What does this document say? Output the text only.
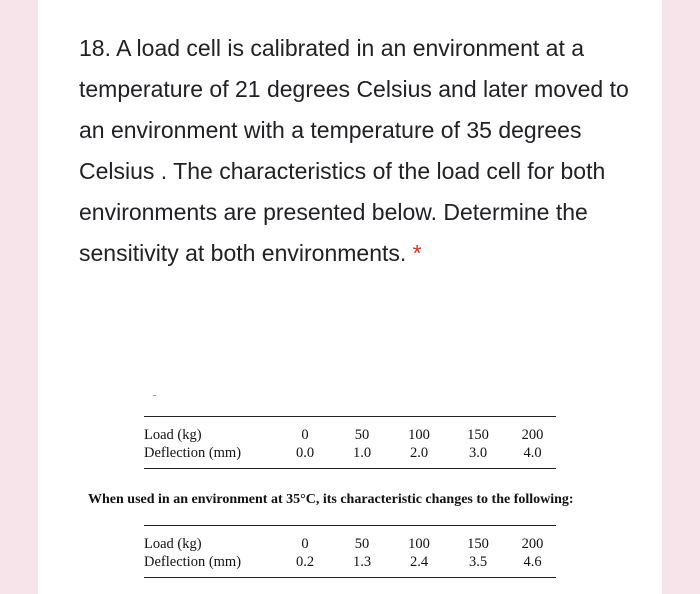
18. A load cell is calibrated in an environment at a temperature of 21 degrees Celsius and later moved to an environment with a temperature of 35 degrees Celsius . The characteristics of the load cell for both environments are presented below. Determine the sensitivity at both environments. *

Load (kg)	0	50	100	150	200
Deflection (mm)	0.0	1.0	2.0	3.0	4.0
When used in an environment at 35°C, its characteristic changes to the following:
Load (kg)	0	50	100	150	200
Deflection (mm)	0.2	1.3	2.4	3.5	4.6
